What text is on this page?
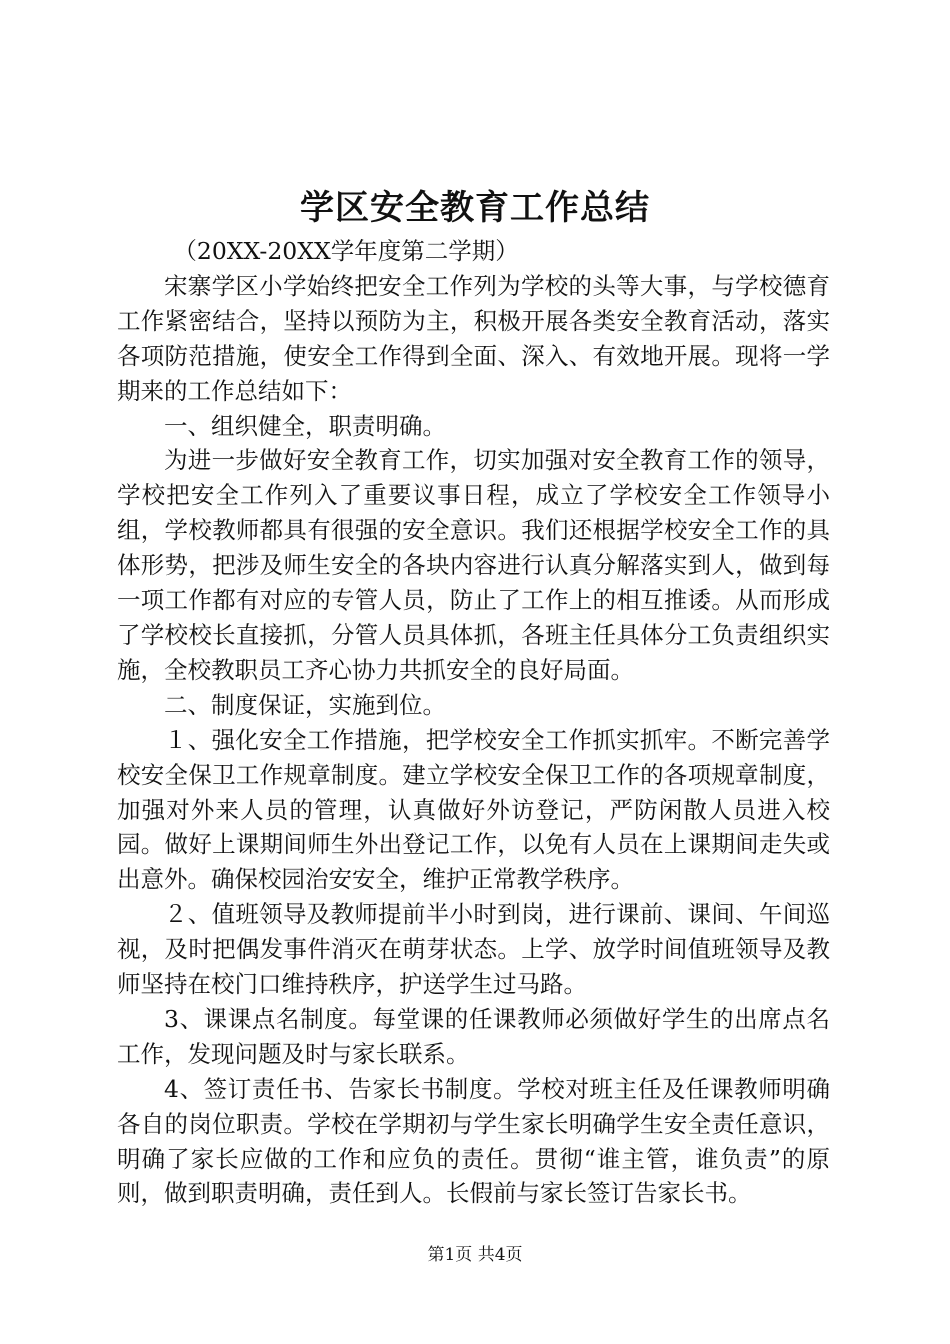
学区安全教育工作总结

（20XX-20XX学年度第二学期）

宋寨学区小学始终把安全工作列为学校的头等大事，与学校德育工作紧密结合，坚持以预防为主，积极开展各类安全教育活动，落实各项防范措施，使安全工作得到全面、深入、有效地开展。现将一学期来的工作总结如下：

一、组织健全，职责明确。

为进一步做好安全教育工作，切实加强对安全教育工作的领导，学校把安全工作列入了重要议事日程，成立了学校安全工作领导小组，学校教师都具有很强的安全意识。我们还根据学校安全工作的具体形势，把涉及师生安全的各块内容进行认真分解落实到人，做到每一项工作都有对应的专管人员，防止了工作上的相互推诿。从而形成了学校校长直接抓，分管人员具体抓，各班主任具体分工负责组织实施，全校教职员工齐心协力共抓安全的良好局面。

二、制度保证，实施到位。

１、强化安全工作措施，把学校安全工作抓实抓牢。不断完善学校安全保卫工作规章制度。建立学校安全保卫工作的各项规章制度，加强对外来人员的管理，认真做好外访登记，严防闲散人员进入校园。做好上课期间师生外出登记工作，以免有人员在上课期间走失或出意外。确保校园治安安全，维护正常教学秩序。

２、值班领导及教师提前半小时到岗，进行课前、课间、午间巡视，及时把偶发事件消灭在萌芽状态。上学、放学时间值班领导及教师坚持在校门口维持秩序，护送学生过马路。

3、课课点名制度。每堂课的任课教师必须做好学生的出席点名工作，发现问题及时与家长联系。

4、签订责任书、告家长书制度。学校对班主任及任课教师明确各自的岗位职责。学校在学期初与学生家长明确学生安全责任意识，明确了家长应做的工作和应负的责任。贯彻“谁主管，谁负责”的原则，做到职责明确，责任到人。长假前与家长签订告家长书。

第1页 共4页
